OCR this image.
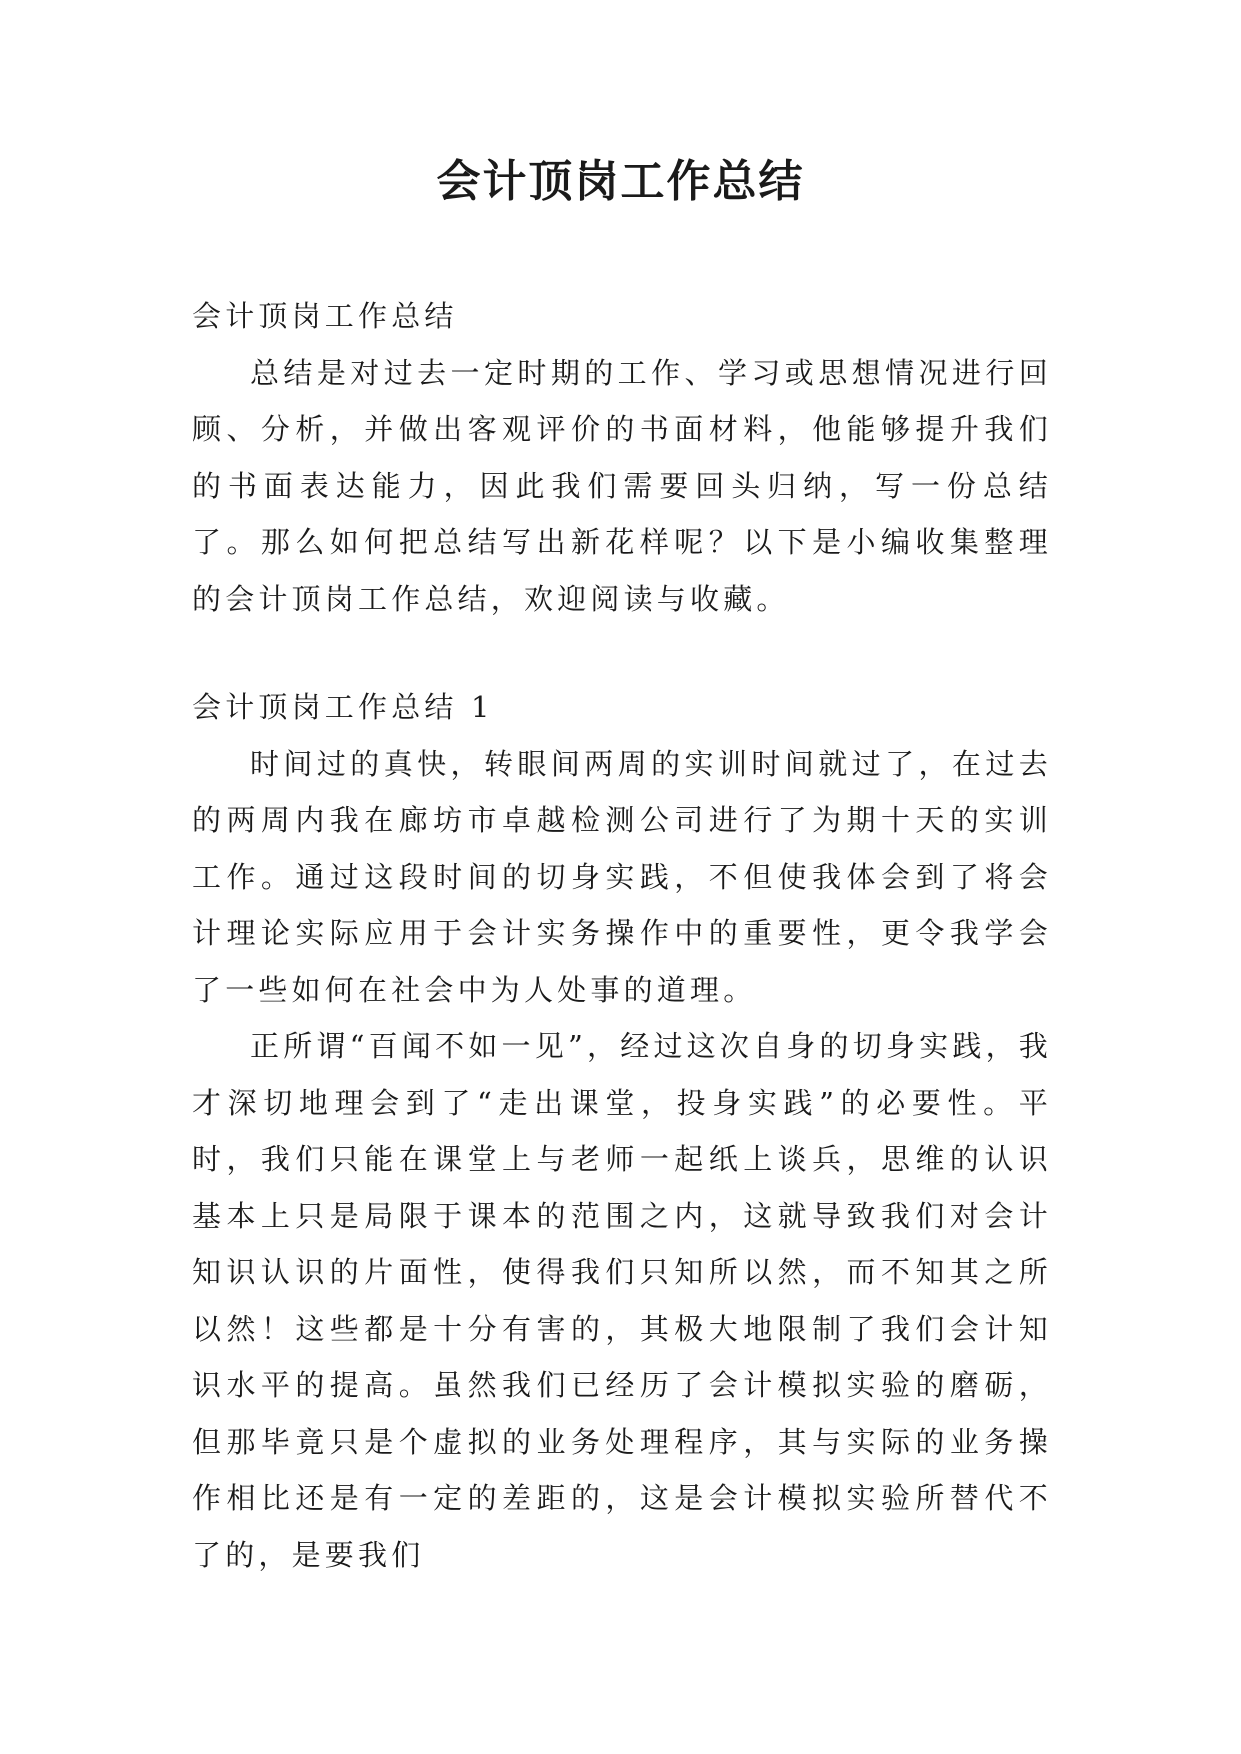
会计顶岗工作总结

会计顶岗工作总结

总结是对过去一定时期的工作、学习或思想情况进行回顾、分析，并做出客观评价的书面材料，他能够提升我们的书面表达能力，因此我们需要回头归纳，写一份总结了。那么如何把总结写出新花样呢？以下是小编收集整理的会计顶岗工作总结，欢迎阅读与收藏。

会计顶岗工作总结 1

时间过的真快，转眼间两周的实训时间就过了，在过去的两周内我在廊坊市卓越检测公司进行了为期十天的实训工作。通过这段时间的切身实践，不但使我体会到了将会计理论实际应用于会计实务操作中的重要性，更令我学会了一些如何在社会中为人处事的道理。

正所谓“百闻不如一见”，经过这次自身的切身实践，我才深切地理会到了“走出课堂，投身实践”的必要性。平时，我们只能在课堂上与老师一起纸上谈兵，思维的认识基本上只是局限于课本的范围之内，这就导致我们对会计知识认识的片面性，使得我们只知所以然，而不知其之所以然！这些都是十分有害的，其极大地限制了我们会计知识水平的提高。虽然我们已经历了会计模拟实验的磨砺，但那毕竟只是个虚拟的业务处理程序，其与实际的业务操作相比还是有一定的差距的，这是会计模拟实验所替代不了的，是要我们
